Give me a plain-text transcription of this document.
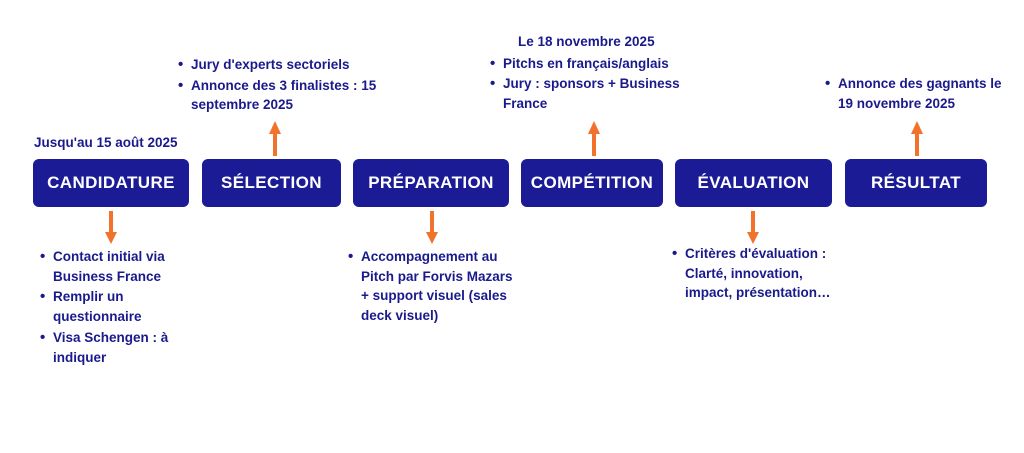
CANDIDATURE	SÉLECTION	PRÉPARATION COMPÉTITION	ÉVALUATION	RÉSULTAT

Jusqu'au 15 août 2025

• Contact initial via Business France
• Remplir un questionnaire
• Visa Schengen : à indiquer
• Jury d'experts sectoriels
• Annonce des 3 finalistes : 15 septembre 2025
• Accompagnement au Pitch par Forvis Mazars + support visuel (sales deck visuel)

Le 18 novembre 2025

• Pitchs en français/anglais
• Jury : sponsors + Business France
• Critères d'évaluation : Clarté, innovation, impact, présentation…
• Annonce des gagnants le 19 novembre 2025
